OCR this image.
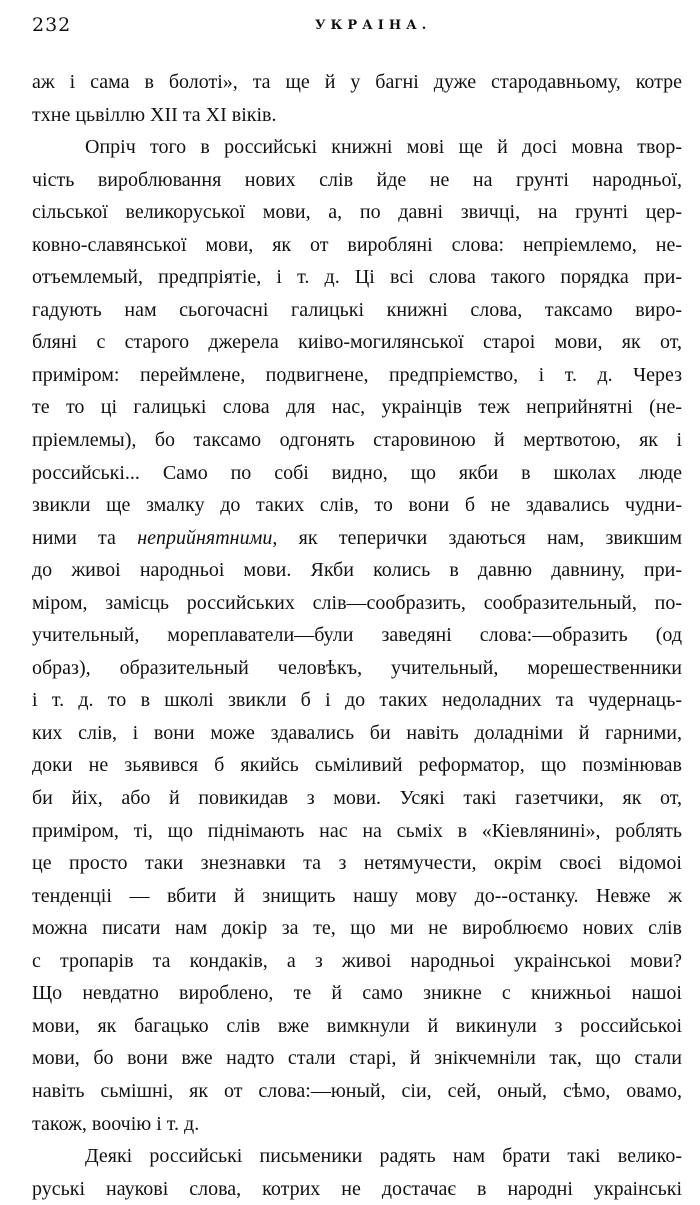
232	УКРАІНА.
аж і сама в болоті», та ще й у багні дуже стародавньому, котре
тхне цьвіллю XII та XI віків.
Опріч того в российські книжні мові ще й досі мовна твор-
чість вироблювання нових слів йде не на грунті народньої,
сільської великоруської мови, а, по давні звичці, на грунті цер-
ковно-славянської мови, як от вироблянi слова: непрiемлемо, не-
отъемлемый, предпрiятiе, і т. д. Ці всі слова такого порядка при-
гадують нам сьогочасні галицькі книжні слова, таксамо виро-
бляні с старого джерела киіво-могилянської староі мови, як от,
примiром: переймлене, подвигнене, предпрiемство, і т. д. Через
те то ці галицькі слова для нас, украiнців теж неприйнятні (не-
прiемлемы), бо таксамо одгонять старовиною й мертвотою, як і
российські... Само по собі видно, що якби в школах люде
звикли ще змалку до таких слів, то вони б не здавались чудни-
ними та неприйнятними, як теперички здаються нам, звикшим
до живоі народньоi мови. Якби колись в давню давнину, при-
міром, замісць российських слів—сообразить, сообразительный, по-
учительный, мореплаватели—були заведяні слова:—образить (од
образ), образительный человѣкъ, учительный, морешественники
і т. д. то в школі звикли б і до таких недоладних та чудернаць-
ких слів, і вони може здавались би навіть доладніми й гарними,
доки не зьявився б якийсь сьміливий реформатор, що позмінював
би йіх, або й повикидав з мови. Усякі такі газетчики, як от,
приміром, ті, що піднімають нас на сьміх в «Кiевлянинi», роблять
це просто таки знезнавки та з нетямучести, окрім своєі відомоі
тенденціі — вбити й знищить нашу мову до--останку. Невже ж
можна писати нам докір за те, що ми не вироблюємо нових слів
с тропарів та кондаків, а з живоі народньоі украiнськоi мови?
Що невдатно вироблено, те й само зникне с книжньоi нашоi
мови, як багацько слів вже вимкнули й викинули з российськоi
мови, бо вони вже надто стали старі, й знікчемніли так, що стали
навіть сьмішні, як от слова:—юный, сіи, сей, оный, сѣмо, овамо,
також, воочію і т. д.
Деякі российські письменики радять нам брати такі велико-
руські наукові слова, котрих не достачає в народні украiнськi
